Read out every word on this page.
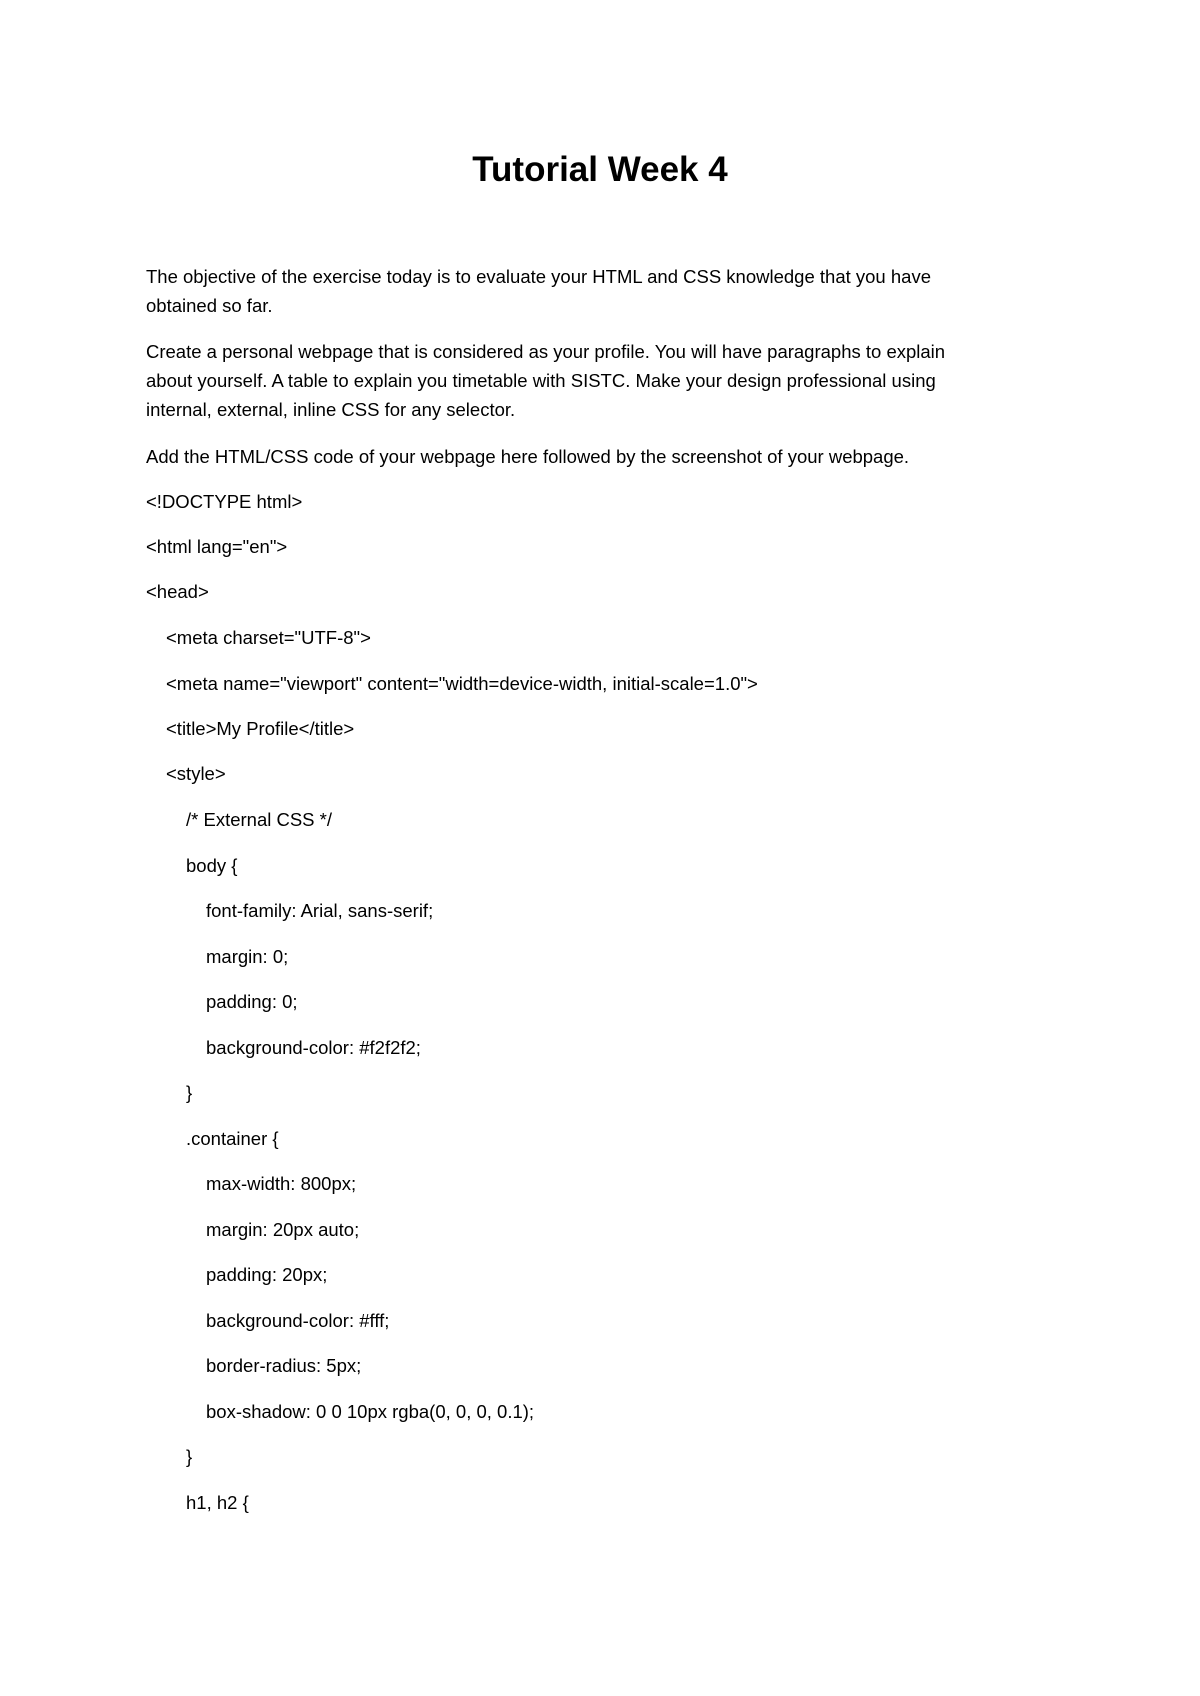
Tutorial Week 4

The objective of the exercise today is to evaluate your HTML and CSS knowledge that you have

obtained so far.

Create a personal webpage that is considered as your profile. You will have paragraphs to explain

about yourself. A table to explain you timetable with SISTC. Make your design professional using

internal, external, inline CSS for any selector.

Add the HTML/CSS code of your webpage here followed by the screenshot of your webpage.

<!DOCTYPE html>

<html lang="en">

<head>

<meta charset="UTF-8">

<meta name="viewport" content="width=device-width, initial-scale=1.0">

<title>My Profile</title>

<style>

/* External CSS */

body {

font-family: Arial, sans-serif;

margin: 0;

padding: 0;

background-color: #f2f2f2;

}

.container {

max-width: 800px;

margin: 20px auto;

padding: 20px;

background-color: #fff;

border-radius: 5px;

box-shadow: 0 0 10px rgba(0, 0, 0, 0.1);

}

h1, h2 {
